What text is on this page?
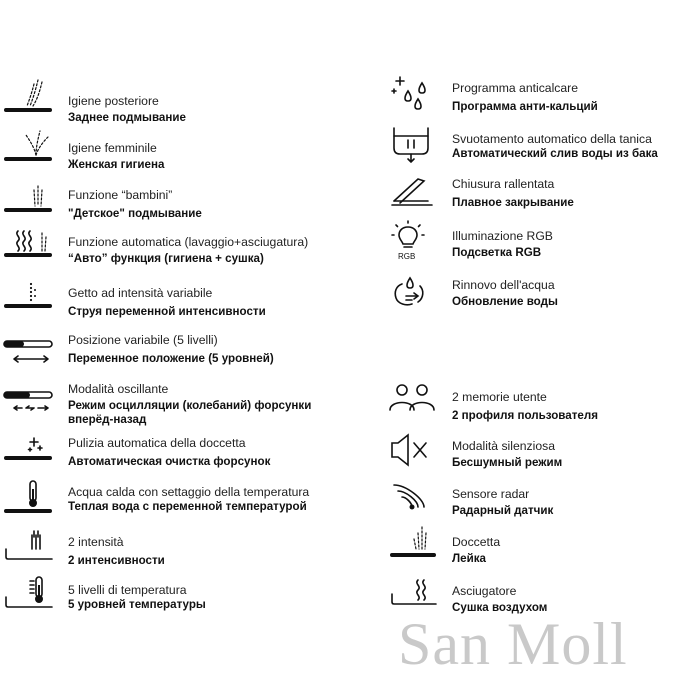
Igiene posteriore
Заднее подмывание
Igiene femminile
Женская гигиена
Funzione “bambini”
"Детское" подмывание
Funzione automatica (lavaggio+asciugatura)
“Авто” функция (гигиена + сушка)
Getto ad intensità variabile
Струя переменной интенсивности
Posizione variabile (5 livelli)
Переменное положение (5 уровней)
Modalità oscillante
Режим осцилляции (колебаний) форсунки
вперёд-назад
Pulizia automatica della doccetta
Автоматическая очистка форсунок
Acqua calda con settaggio della temperatura
Теплая вода с переменной температурой
2 intensità
2 интенсивности
5 livelli di temperatura
5 уровней температуры
Programma anticalcare
Программа анти-кальций
Svuotamento automatico della tanica
Автоматический слив воды из бака
Chiusura rallentata
Плавное закрывание
RGB
Illuminazione RGB
Подсветка RGB
Rinnovo dell'acqua
Обновление воды
2 memorie utente
2 профиля пользователя
Modalità silenziosa
Бесшумный режим
Sensore radar
Радарный датчик
Doccetta
Лейка
Asciugatore
Сушка воздухом
San Moll
